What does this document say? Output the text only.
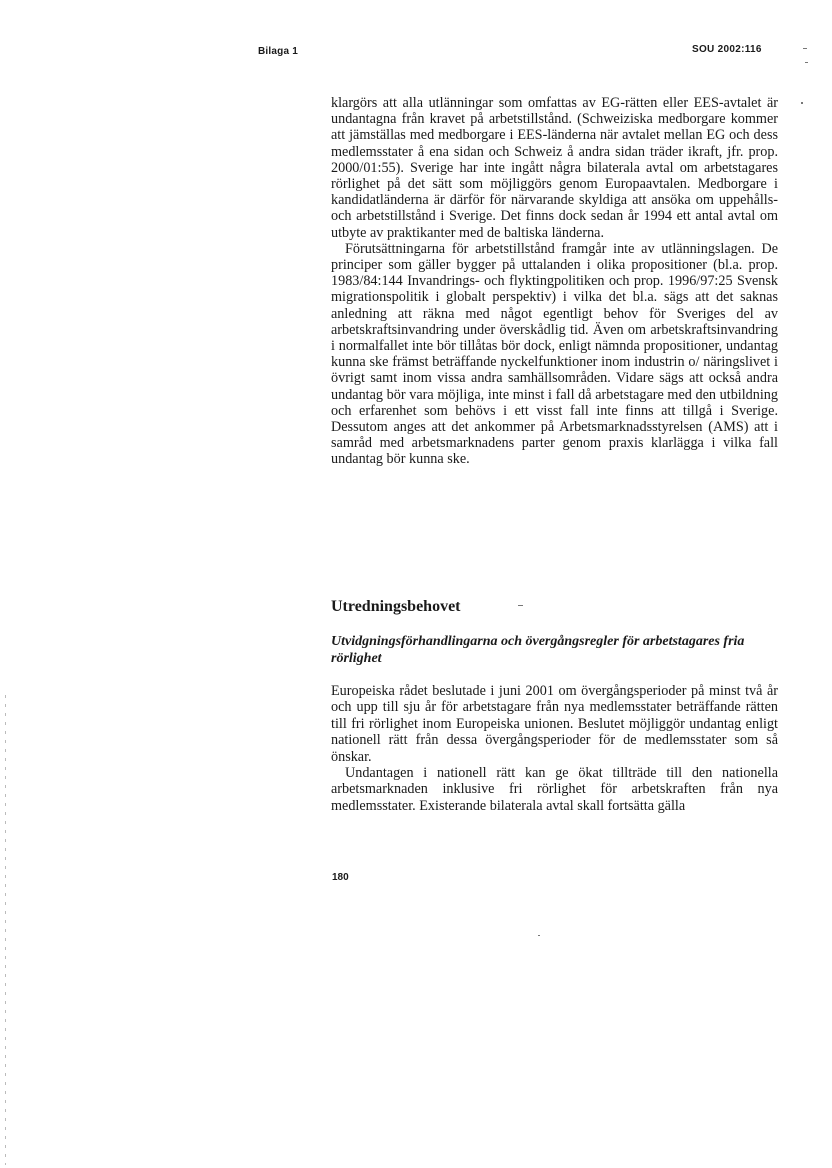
Bilaga 1	SOU 2002:116

klargörs att alla utlänningar som omfattas av EG-rätten eller EES-avtalet är undantagna från kravet på arbetstillstånd. (Schweiziska medborgare kommer att jämställas med medborgare i EES-länderna när avtalet mellan EG och dess medlemsstater å ena sidan och Schweiz å andra sidan träder ikraft, jfr. prop. 2000/01:55). Sverige har inte ingått några bilaterala avtal om arbetstagares rörlighet på det sätt som möjliggörs genom Europaavtalen. Medborgare i kandidatländerna är därför för närvarande skyldiga att ansöka om uppehålls- och arbetstillstånd i Sverige. Det finns dock sedan år 1994 ett antal avtal om utbyte av praktikanter med de baltiska länderna.

Förutsättningarna för arbetstillstånd framgår inte av utlänningslagen. De principer som gäller bygger på uttalanden i olika propositioner (bl.a. prop. 1983/84:144 Invandrings- och flyktingpolitiken och prop. 1996/97:25 Svensk migrationspolitik i globalt perspektiv) i vilka det bl.a. sägs att det saknas anledning att räkna med något egentligt behov för Sveriges del av arbetskraftsinvandring under överskådlig tid. Även om arbetskraftsinvandring i normalfallet inte bör tillåtas bör dock, enligt nämnda propositioner, undantag kunna ske främst beträffande nyckelfunktioner inom industrin o/ näringslivet i övrigt samt inom vissa andra samhällsområden. Vidare sägs att också andra undantag bör vara möjliga, inte minst i fall då arbetstagare med den utbildning och erfarenhet som behövs i ett visst fall inte finns att tillgå i Sverige. Dessutom anges att det ankommer på Arbetsmarknadsstyrelsen (AMS) att i samråd med arbetsmarknadens parter genom praxis klarlägga i vilka fall undantag bör kunna ske.

Utredningsbehovet
Utvidgningsförhandlingarna och övergångsregler för arbetstagares fria rörlighet

Europeiska rådet beslutade i juni 2001 om övergångsperioder på minst två år och upp till sju år för arbetstagare från nya medlemsstater beträffande rätten till fri rörlighet inom Europeiska unionen. Beslutet möjliggör undantag enligt nationell rätt från dessa övergångsperioder för de medlemsstater som så önskar.

Undantagen i nationell rätt kan ge ökat tillträde till den nationella arbetsmarknaden inklusive fri rörlighet för arbetskraften från nya medlemsstater. Existerande bilaterala avtal skall fortsätta gälla

180
